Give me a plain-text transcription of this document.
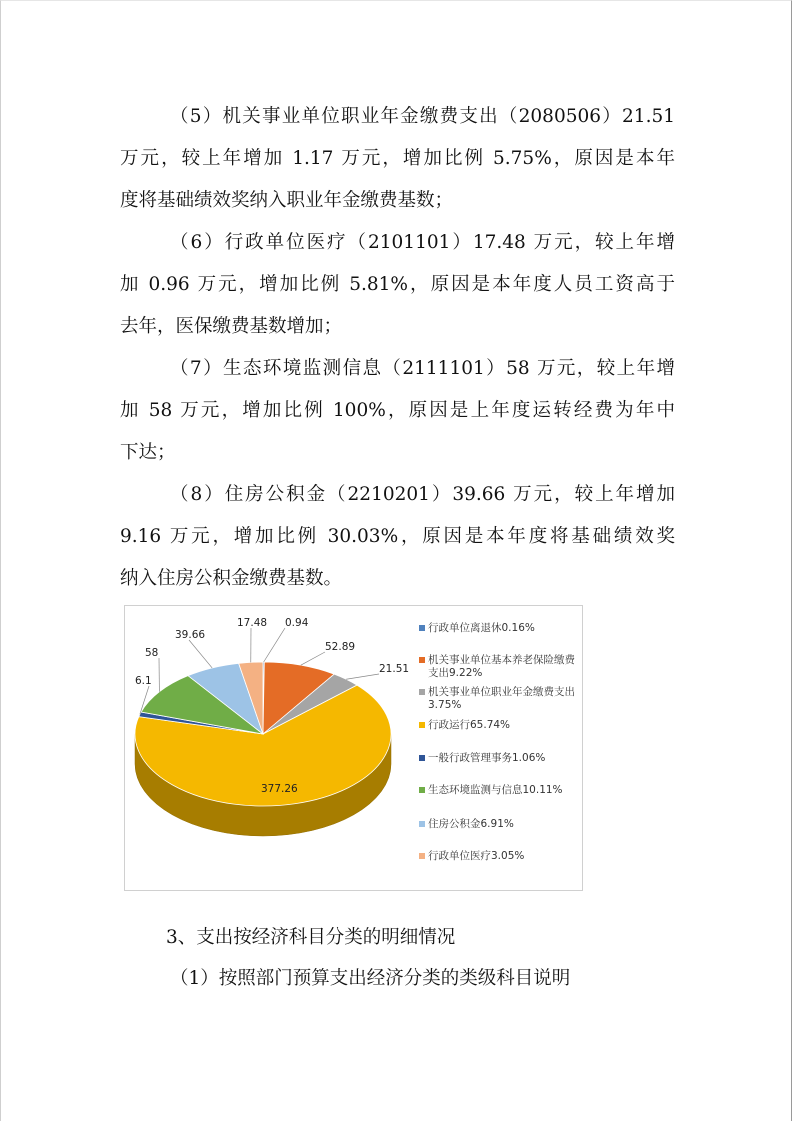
（5）机关事业单位职业年金缴费支出（2080506）21.51
万元，较上年增加 1.17 万元，增加比例 5.75%，原因是本年
度将基础绩效奖纳入职业年金缴费基数；
（6）行政单位医疗（2101101）17.48 万元，较上年增
加 0.96 万元，增加比例 5.81%，原因是本年度人员工资高于
去年，医保缴费基数增加；
（7）生态环境监测信息（2111101）58 万元，较上年增
加 58 万元，增加比例 100%，原因是上年度运转经费为年中
下达；
（8）住房公积金（2210201）39.66 万元，较上年增加
9.16 万元，增加比例 30.03%，原因是本年度将基础绩效奖
纳入住房公积金缴费基数。
0.94
52.89
21.51
377.26
6.1
58
39.66
17.48	行政单位离退休0.16%
机关事业单位基本养老保险缴费支出9.22%
机关事业单位职业年金缴费支出3.75%
行政运行65.74%
一般行政管理事务1.06%
生态环境监测与信息10.11%
住房公积金6.91%
行政单位医疗3.05%
3、支出按经济科目分类的明细情况
（1）按照部门预算支出经济分类的类级科目说明
